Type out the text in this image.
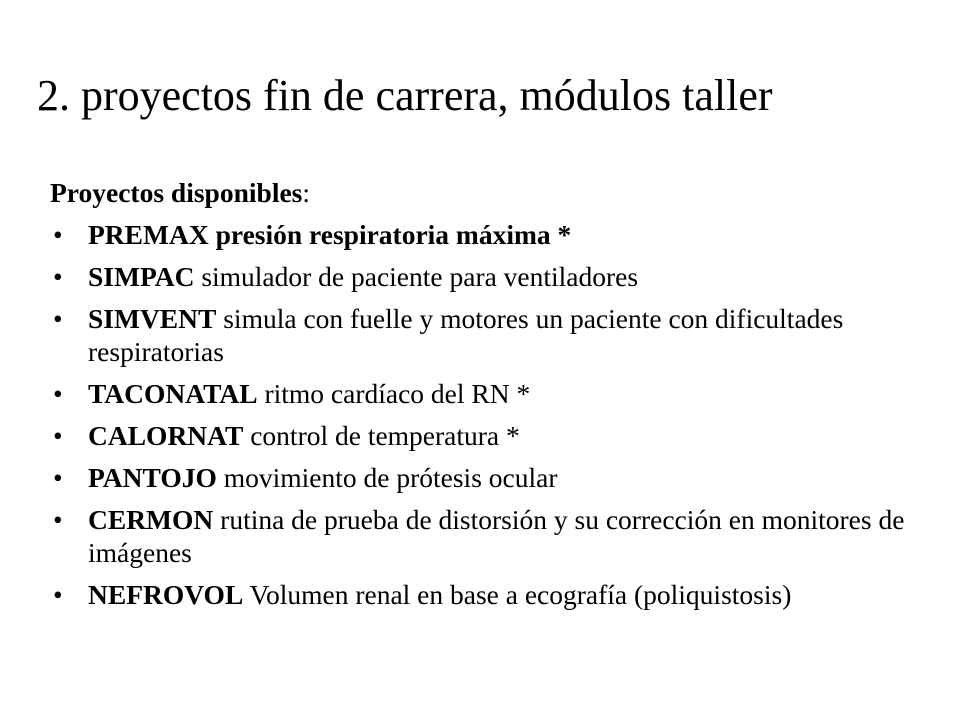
2. proyectos fin de carrera, módulos taller
Proyectos disponibles:
• PREMAX presión respiratoria máxima *
• SIMPAC simulador de paciente para ventiladores
• SIMVENT simula con fuelle y motores un paciente con dificultades respiratorias
• TACONATAL ritmo cardíaco del RN *
• CALORNAT control de temperatura *
• PANTOJO movimiento de prótesis ocular
• CERMON rutina de prueba de distorsión y su corrección en monitores de imágenes
• NEFROVOL Volumen renal en base a ecografía (poliquistosis)
